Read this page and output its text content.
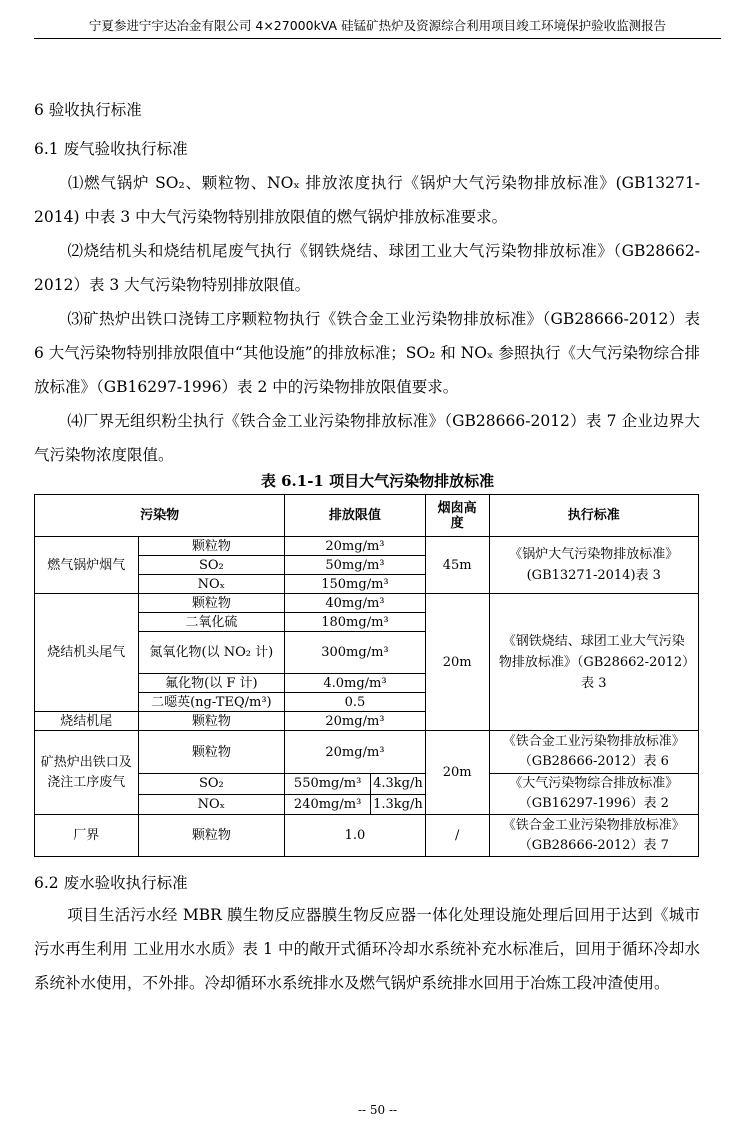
宁夏参进宁宇达冶金有限公司 4×27000kVA 硅锰矿热炉及资源综合利用项目竣工环境保护验收监测报告
6 验收执行标准
6.1 废气验收执行标准
⑴燃气锅炉 SO₂、颗粒物、NOₓ 排放浓度执行《锅炉大气污染物排放标准》(GB13271-2014) 中表 3 中大气污染物特别排放限值的燃气锅炉排放标准要求。
⑵烧结机头和烧结机尾废气执行《钢铁烧结、球团工业大气污染物排放标准》（GB28662-2012）表 3 大气污染物特别排放限值。
⑶矿热炉出铁口浇铸工序颗粒物执行《铁合金工业污染物排放标准》（GB28666-2012）表 6 大气污染物特别排放限值中“其他设施”的排放标准；SO₂ 和 NOₓ 参照执行《大气污染物综合排放标准》（GB16297-1996）表 2 中的污染物排放限值要求。
⑷厂界无组织粉尘执行《铁合金工业污染物排放标准》（GB28666-2012）表 7 企业边界大气污染物浓度限值。
表 6.1-1 项目大气污染物排放标准
污染物		排放限值		烟囱高度	执行标准
燃气锅炉烟气	颗粒物	20mg/m³		45m	《锅炉大气污染物排放标准》(GB13271-2014)表 3
	SO₂	50mg/m³			
	NOₓ	150mg/m³			
烧结机头尾气	颗粒物	40mg/m³		20m	《钢铁烧结、球团工业大气污染物排放标准》（GB28662-2012）表 3
	二氧化硫	180mg/m³			
	氮氧化物(以 NO₂ 计)	300mg/m³			
	氟化物(以 F 计)	4.0mg/m³			
	二噁英(ng-TEQ/m³)	0.5			
烧结机尾	颗粒物	20mg/m³			
矿热炉出铁口及浇注工序废气	颗粒物	20mg/m³		20m	《铁合金工业污染物排放标准》（GB28666-2012）表 6
	SO₂	550mg/m³	4.3kg/h		《大气污染物综合排放标准》（GB16297-1996）表 2
	NOₓ	240mg/m³	1.3kg/h		
厂界	颗粒物	1.0		/	《铁合金工业污染物排放标准》（GB28666-2012）表 7
6.2 废水验收执行标准
项目生活污水经 MBR 膜生物反应器膜生物反应器一体化处理设施处理后回用于达到《城市污水再生利用 工业用水水质》表 1 中的敞开式循环冷却水系统补充水标准后，回用于循环冷却水系统补水使用，不外排。冷却循环水系统排水及燃气锅炉系统排水回用于冶炼工段冲渣使用。
-- 50 --
